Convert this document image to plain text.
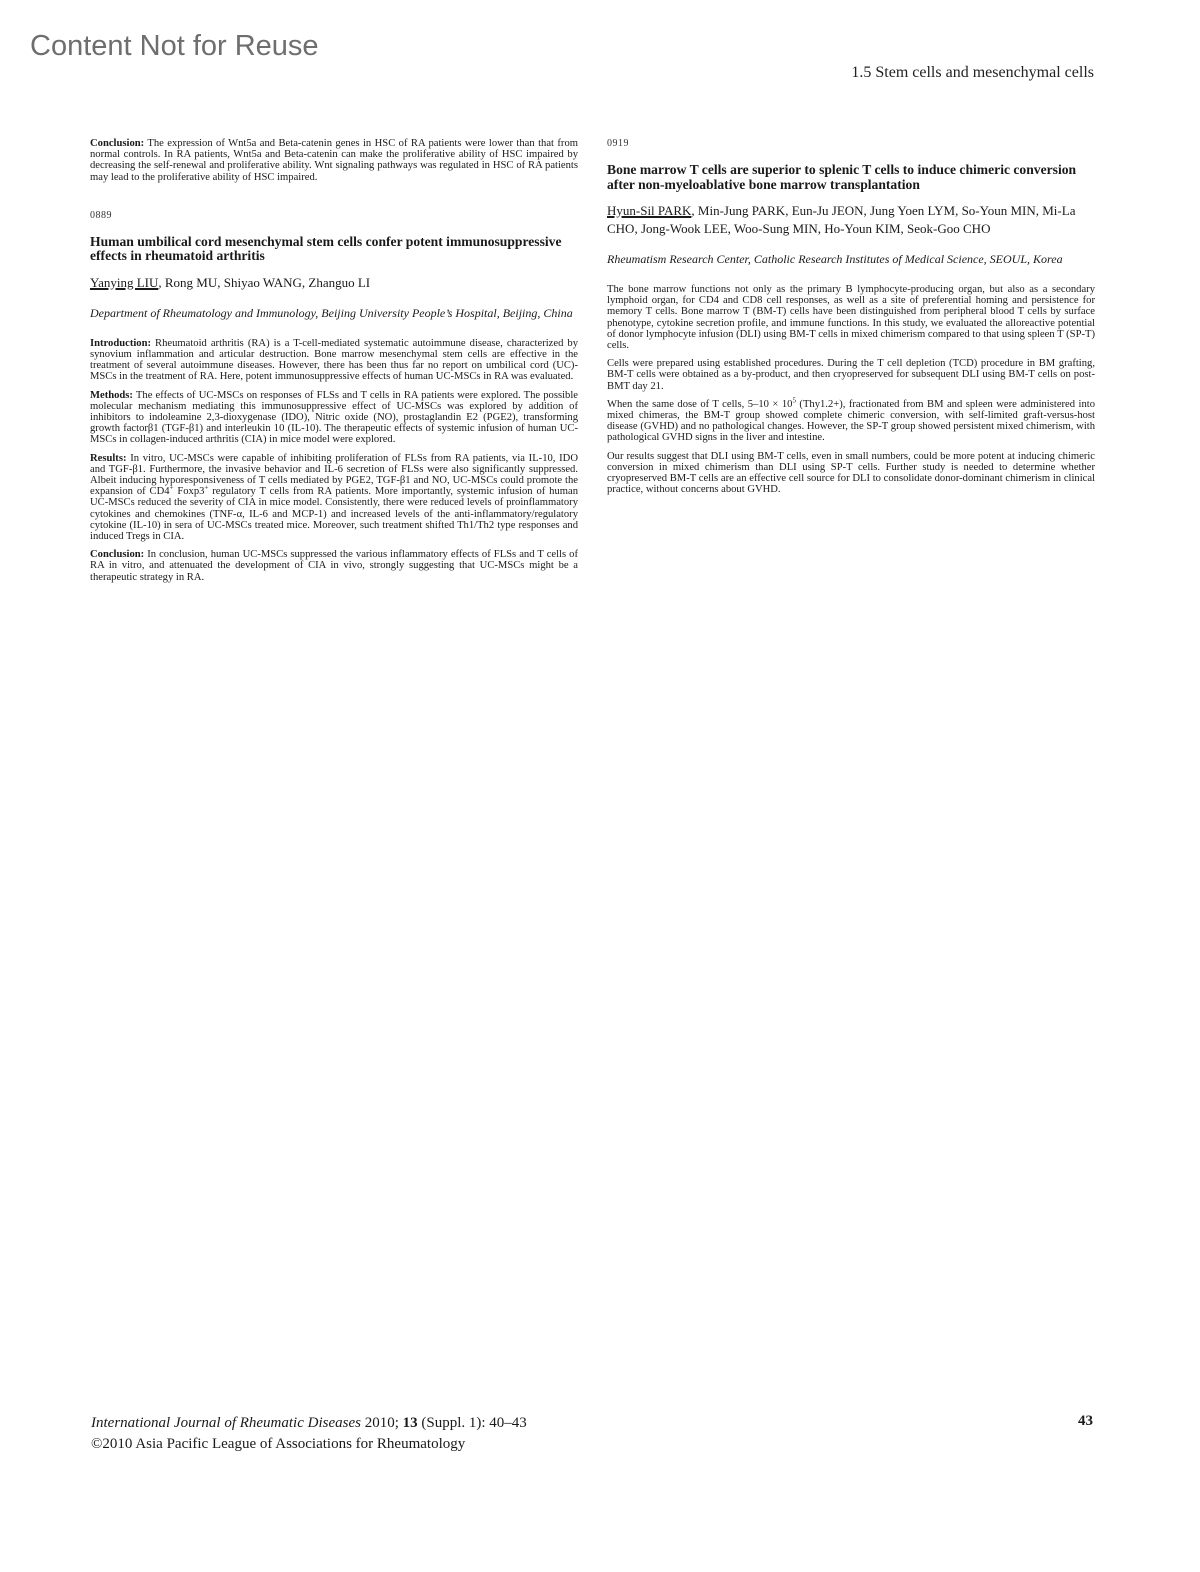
Content Not for Reuse
1.5 Stem cells and mesenchymal cells

Conclusion: The expression of Wnt5a and Beta-catenin genes in HSC of RA patients were lower than that from normal controls. In RA patients, Wnt5a and Beta-catenin can make the proliferative ability of HSC impaired by decreasing the self-renewal and proliferative ability. Wnt signaling pathways was regulated in HSC of RA patients may lead to the proliferative ability of HSC impaired.

0889
Human umbilical cord mesenchymal stem cells confer potent immunosuppressive effects in rheumatoid arthritis
Yanying LIU, Rong MU, Shiyao WANG, Zhanguo LI
Department of Rheumatology and Immunology, Beijing University People’s Hospital, Beijing, China

Introduction: Rheumatoid arthritis (RA) is a T-cell-mediated systematic autoimmune disease, characterized by synovium inflammation and articular destruction. Bone marrow mesenchymal stem cells are effective in the treatment of several autoimmune diseases. However, there has been thus far no report on umbilical cord (UC)-MSCs in the treatment of RA. Here, potent immunosuppressive effects of human UC-MSCs in RA was evaluated.

Methods: The effects of UC-MSCs on responses of FLSs and T cells in RA patients were explored. The possible molecular mechanism mediating this immunosuppressive effect of UC-MSCs was explored by addition of inhibitors to indoleamine 2,3-dioxygenase (IDO), Nitric oxide (NO), prostaglandin E2 (PGE2), transforming growth factorβ1 (TGF-β1) and interleukin 10 (IL-10). The therapeutic effects of systemic infusion of human UC-MSCs in collagen-induced arthritis (CIA) in mice model were explored.

Results: In vitro, UC-MSCs were capable of inhibiting proliferation of FLSs from RA patients, via IL-10, IDO and TGF-β1. Furthermore, the invasive behavior and IL-6 secretion of FLSs were also significantly suppressed. Albeit inducing hyporesponsiveness of T cells mediated by PGE2, TGF-β1 and NO, UC-MSCs could promote the expansion of CD4+ Foxp3+ regulatory T cells from RA patients. More importantly, systemic infusion of human UC-MSCs reduced the severity of CIA in mice model. Consistently, there were reduced levels of proinflammatory cytokines and chemokines (TNF-α, IL-6 and MCP-1) and increased levels of the anti-inflammatory/regulatory cytokine (IL-10) in sera of UC-MSCs treated mice. Moreover, such treatment shifted Th1/Th2 type responses and induced Tregs in CIA.

Conclusion: In conclusion, human UC-MSCs suppressed the various inflammatory effects of FLSs and T cells of RA in vitro, and attenuated the development of CIA in vivo, strongly suggesting that UC-MSCs might be a therapeutic strategy in RA.

0919
Bone marrow T cells are superior to splenic T cells to induce chimeric conversion after non-myeloablative bone marrow transplantation
Hyun-Sil PARK, Min-Jung PARK, Eun-Ju JEON, Jung Yoen LYM, So-Youn MIN, Mi-La CHO, Jong-Wook LEE, Woo-Sung MIN, Ho-Youn KIM, Seok-Goo CHO
Rheumatism Research Center, Catholic Research Institutes of Medical Science, SEOUL, Korea

The bone marrow functions not only as the primary B lymphocyte-producing organ, but also as a secondary lymphoid organ, for CD4 and CD8 cell responses, as well as a site of preferential homing and persistence for memory T cells. Bone marrow T (BM-T) cells have been distinguished from peripheral blood T cells by surface phenotype, cytokine secretion profile, and immune functions. In this study, we evaluated the alloreactive potential of donor lymphocyte infusion (DLI) using BM-T cells in mixed chimerism compared to that using spleen T (SP-T) cells.

Cells were prepared using established procedures. During the T cell depletion (TCD) procedure in BM grafting, BM-T cells were obtained as a by-product, and then cryopreserved for subsequent DLI using BM-T cells on post-BMT day 21.

When the same dose of T cells, $5-10 \times 10^5$ (Thy1.2+), fractionated from BM and spleen were administered into mixed chimeras, the BM-T group showed complete chimeric conversion, with self-limited graft-versus-host disease (GVHD) and no pathological changes. However, the SP-T group showed persistent mixed chimerism, with pathological GVHD signs in the liver and intestine.

Our results suggest that DLI using BM-T cells, even in small numbers, could be more potent at inducing chimeric conversion in mixed chimerism than DLI using SP-T cells. Further study is needed to determine whether cryopreserved BM-T cells are an effective cell source for DLI to consolidate donor-dominant chimerism in clinical practice, without concerns about GVHD.

International Journal of Rheumatic Diseases 2010; 13 (Suppl. 1): 40–43
©2010 Asia Pacific League of Associations for Rheumatology
43
